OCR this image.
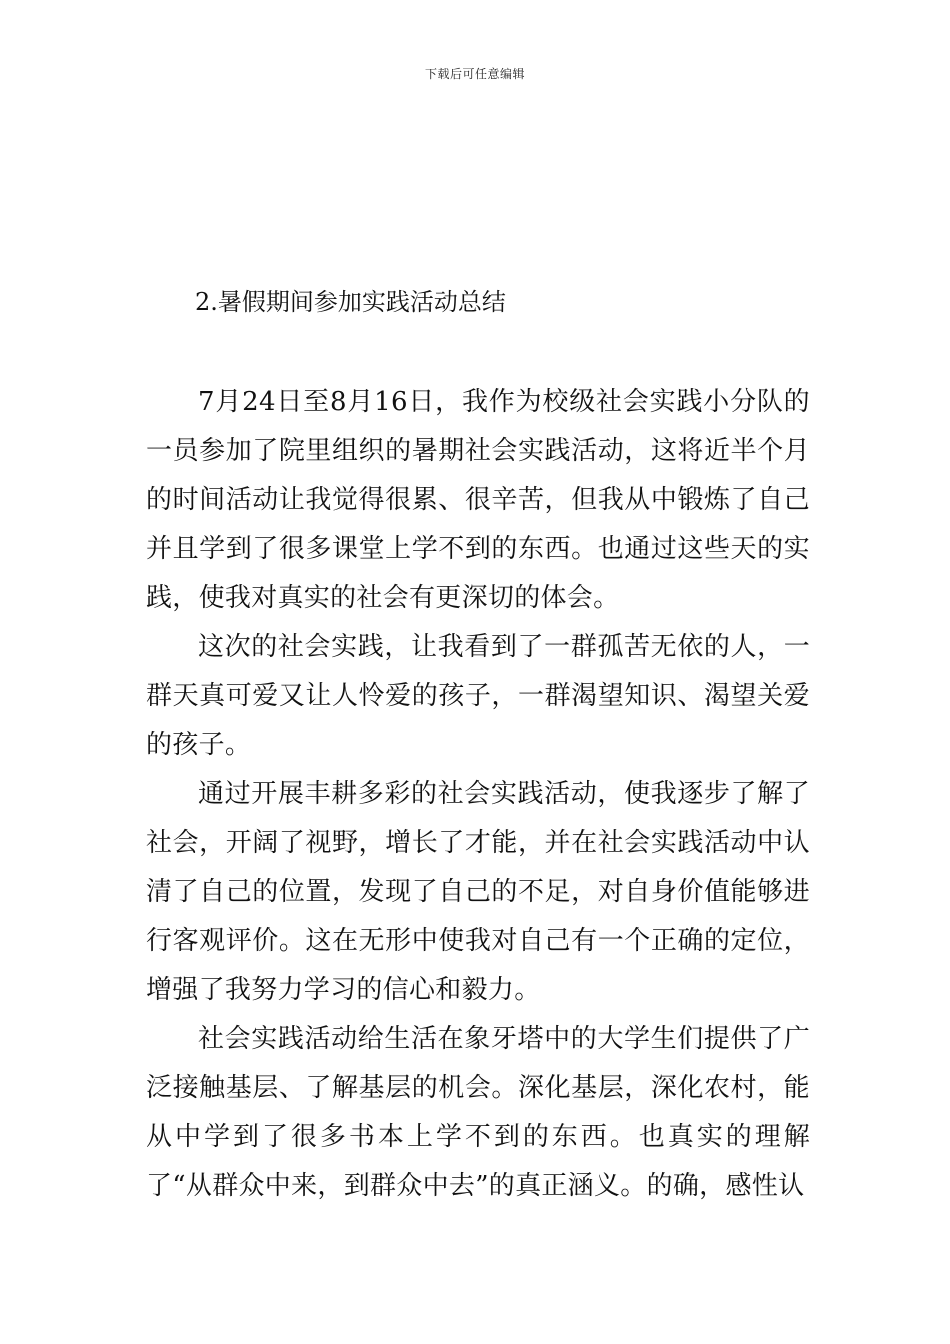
下载后可任意编辑
2.暑假期间参加实践活动总结

7月24日至8月16日，我作为校级社会实践小分队的一员参加了院里组织的暑期社会实践活动，这将近半个月的时间活动让我觉得很累、很辛苦，但我从中锻炼了自己并且学到了很多课堂上学不到的东西。也通过这些天的实践，使我对真实的社会有更深切的体会。

这次的社会实践，让我看到了一群孤苦无依的人，一群天真可爱又让人怜爱的孩子，一群渴望知识、渴望关爱的孩子。

通过开展丰耕多彩的社会实践活动，使我逐步了解了社会，开阔了视野，增长了才能，并在社会实践活动中认清了自己的位置，发现了自己的不足，对自身价值能够进行客观评价。这在无形中使我对自己有一个正确的定位，增强了我努力学习的信心和毅力。

社会实践活动给生活在象牙塔中的大学生们提供了广泛接触基层、了解基层的机会。深化基层，深化农村，能从中学到了很多书本上学不到的东西。也真实的理解了“从群众中来，到群众中去”的真正涵义。的确，感性认
